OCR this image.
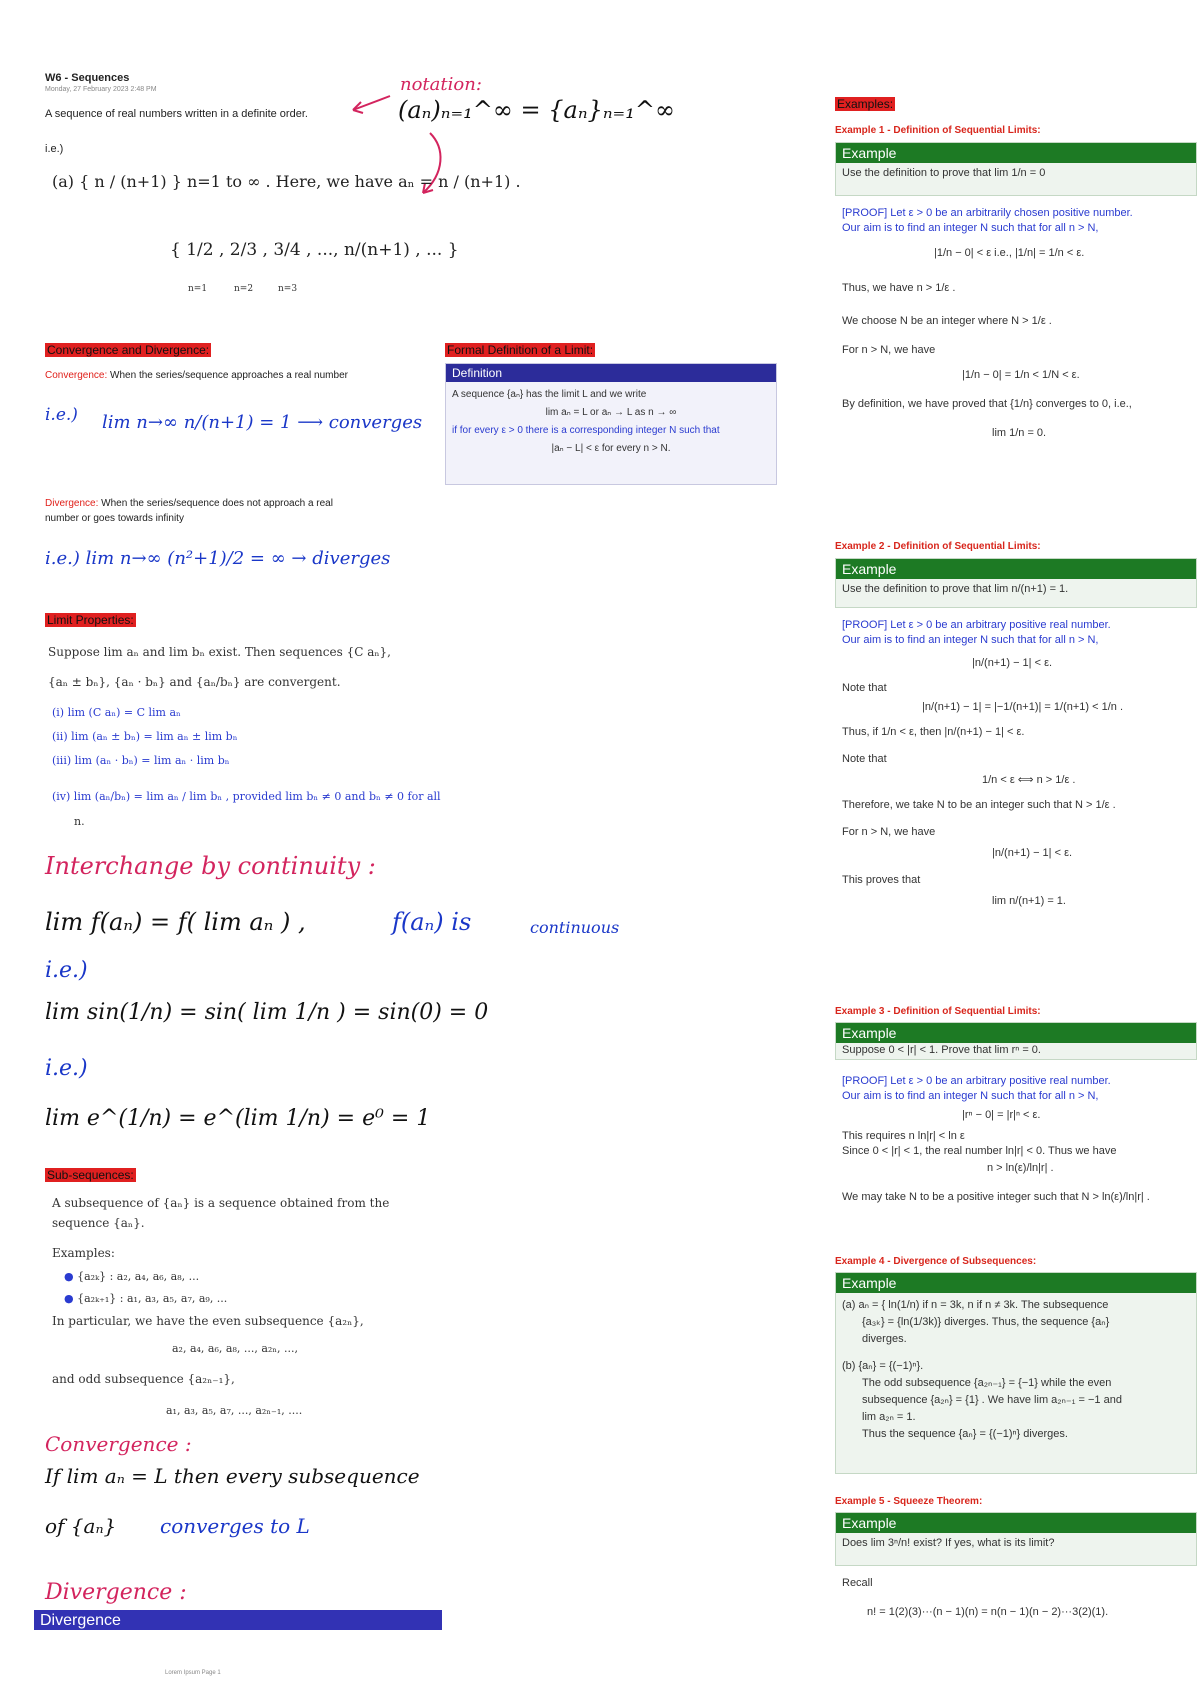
W6 - Sequences
Monday, 27 February 2023 2:48 PM
A sequence of real numbers written in a definite order.
notation:
(aₙ)ₙ₌₁^∞ = {aₙ}ₙ₌₁^∞
i.e.)
(a) { n / (n+1) } n=1 to ∞ . Here, we have aₙ = n / (n+1) .
{ 1/2 , 2/3 , 3/4 , ..., n/(n+1) , ... }
n=1	n=2	n=3
Convergence and Divergence:
Convergence: When the series/sequence approaches a real number
i.e.) lim n→∞ n/(n+1) = 1 ⟶ converges
Divergence: When the series/sequence does not approach a real number or goes towards infinity
i.e.) lim n→∞ (n²+1)/2 = ∞ → diverges
Formal Definition of a Limit:
Definition
A sequence {aₙ} has the limit L and we write
lim aₙ = L or aₙ → L as n → ∞
if for every ε > 0 there is a corresponding integer N such that
|aₙ − L| < ε for every n > N.
Limit Properties:
Suppose lim aₙ and lim bₙ exist. Then sequences {C aₙ},
{aₙ ± bₙ}, {aₙ · bₙ} and {aₙ/bₙ} are convergent.
(i) lim (C aₙ) = C lim aₙ
(ii) lim (aₙ ± bₙ) = lim aₙ ± lim bₙ
(iii) lim (aₙ · bₙ) = lim aₙ · lim bₙ
(iv) lim (aₙ/bₙ) = lim aₙ / lim bₙ , provided lim bₙ ≠ 0 and bₙ ≠ 0 for all
n.
Interchange by continuity :
lim f(aₙ) = f( lim aₙ ) ,	f(aₙ) is	continuous
i.e.)
lim sin(1/n) = sin( lim 1/n ) = sin(0) = 0
i.e.)
lim e^(1/n) = e^(lim 1/n) = e⁰ = 1
Sub-sequences:
A subsequence of {aₙ} is a sequence obtained from the
sequence {aₙ}.
Examples:
● {a₂ₖ} : a₂, a₄, a₆, a₈, ...
● {a₂ₖ₊₁} : a₁, a₃, a₅, a₇, a₉, ...
In particular, we have the even subsequence {a₂ₙ},
a₂, a₄, a₆, a₈, ..., a₂ₙ, ...,
and odd subsequence {a₂ₙ₋₁},
a₁, a₃, a₅, a₇, ..., a₂ₙ₋₁, ....
Convergence :
If lim aₙ = L then every subsequence
of {aₙ} converges to L
Divergence :
Divergence
Lorem Ipsum Page 1
Examples:
Example 1 - Definition of Sequential Limits:
Example
Use the definition to prove that lim 1/n = 0
[PROOF] Let ε > 0 be an arbitrarily chosen positive number.
Our aim is to find an integer N such that for all n > N,
|1/n − 0| < ε i.e., |1/n| = 1/n < ε.
Thus, we have n > 1/ε .
We choose N be an integer where N > 1/ε .
For n > N, we have
|1/n − 0| = 1/n < 1/N < ε.
By definition, we have proved that {1/n} converges to 0, i.e.,
lim 1/n = 0.
Example 2 - Definition of Sequential Limits:
Example
Use the definition to prove that lim n/(n+1) = 1.
[PROOF] Let ε > 0 be an arbitrary positive real number.
Our aim is to find an integer N such that for all n > N,
|n/(n+1) − 1| < ε.
Note that
|n/(n+1) − 1| = |−1/(n+1)| = 1/(n+1) < 1/n .
Thus, if 1/n < ε, then |n/(n+1) − 1| < ε.
Note that
1/n < ε ⟺ n > 1/ε .
Therefore, we take N to be an integer such that N > 1/ε .
For n > N, we have
|n/(n+1) − 1| < ε.
This proves that
lim n/(n+1) = 1.
Example 3 - Definition of Sequential Limits:
Example
Suppose 0 < |r| < 1. Prove that lim rⁿ = 0.
[PROOF] Let ε > 0 be an arbitrary positive real number.
Our aim is to find an integer N such that for all n > N,
|rⁿ − 0| = |r|ⁿ < ε.
This requires n ln|r| < ln ε
Since 0 < |r| < 1, the real number ln|r| < 0. Thus we have
n > ln(ε)/ln|r| .
We may take N to be a positive integer such that N > ln(ε)/ln|r| .
Example 4 - Divergence of Subsequences:
Example
(a) aₙ = { ln(1/n) if n = 3k, n if n ≠ 3k. The subsequence
{a₃ₖ} = {ln(1/3k)} diverges. Thus, the sequence {aₙ}
diverges.
(b) {aₙ} = {(−1)ⁿ}.
The odd subsequence {a₂ₙ₋₁} = {−1} while the even
subsequence {a₂ₙ} = {1} . We have lim a₂ₙ₋₁ = −1 and
lim a₂ₙ = 1.
Thus the sequence {aₙ} = {(−1)ⁿ} diverges.
Example 5 - Squeeze Theorem:
Example
Does lim 3ⁿ/n! exist? If yes, what is its limit?
Recall
n! = 1(2)(3)···(n − 1)(n) = n(n − 1)(n − 2)···3(2)(1).
